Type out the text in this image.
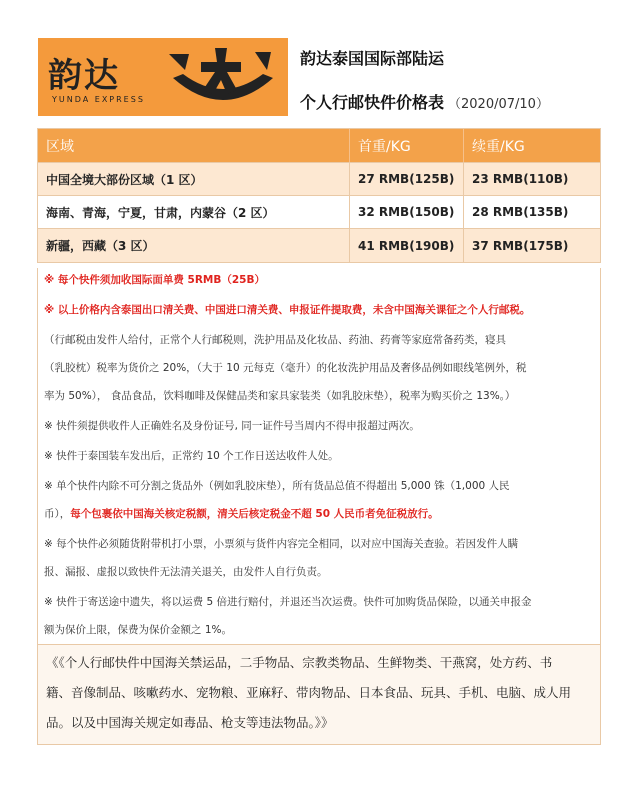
韵达
YUNDA EXPRESS
韵达泰国国际部陆运
个人行邮快件价格表 （2020/07/10）
区域	首重/KG	续重/KG
中国全境大部份区域（1 区）	27 RMB(125B)	23 RMB(110B)
海南、青海，宁夏，甘肃，内蒙谷（2 区）	32 RMB(150B)	28 RMB(135B)
新疆，西藏（3 区）	41 RMB(190B)	37 RMB(175B)
※ 每个快件须加收国际面单费 5RMB（25B）
※ 以上价格内含泰国出口清关费、中国进口清关费、申报证件提取费，未含中国海关课征之个人行邮税。
（行邮税由发件人给付，正常个人行邮税则，洗护用品及化妆品、药油、药膏等家庭常备药类，寝具
（乳胶枕）税率为货价之 20%，（大于 10 元每克（毫升）的化妆洗护用品及奢侈品例如眼线笔例外，税
率为 50%）， 食品食品，饮料咖啡及保健品类和家具家装类（如乳胶床垫），税率为购买价之 13%。）
※ 快件须提供收件人正确姓名及身份证号, 同一证件号当周内不得申报超过两次。
※ 快件于泰国装车发出后，正常约 10 个工作日送达收件人处。
※ 单个快件内除不可分割之货品外（例如乳胶床垫），所有货品总值不得超出 5,000 铢（1,000 人民
币），每个包裹依中国海关核定税额，清关后核定税金不超 50 人民币者免征税放行。
※ 每个快件必须随货附带机打小票，小票须与货件内容完全相同，以对应中国海关查验。若因发件人瞒
报、漏报、虚报以致快件无法清关退关，由发件人自行负责。
※ 快件于寄送途中遗失，将以运费 5 倍进行赔付，并退还当次运费。快件可加购货品保险，以通关申报金
额为保价上限，保费为保价金额之 1%。
《《个人行邮快件中国海关禁运品，二手物品、宗教类物品、生鲜物类、干燕窝，处方药、书
籍、音像制品、咳嗽药水、宠物粮、亚麻籽、带肉物品、日本食品、玩具、手机、电脑、成人用
品。以及中国海关规定如毒品、枪支等违法物品。》》
